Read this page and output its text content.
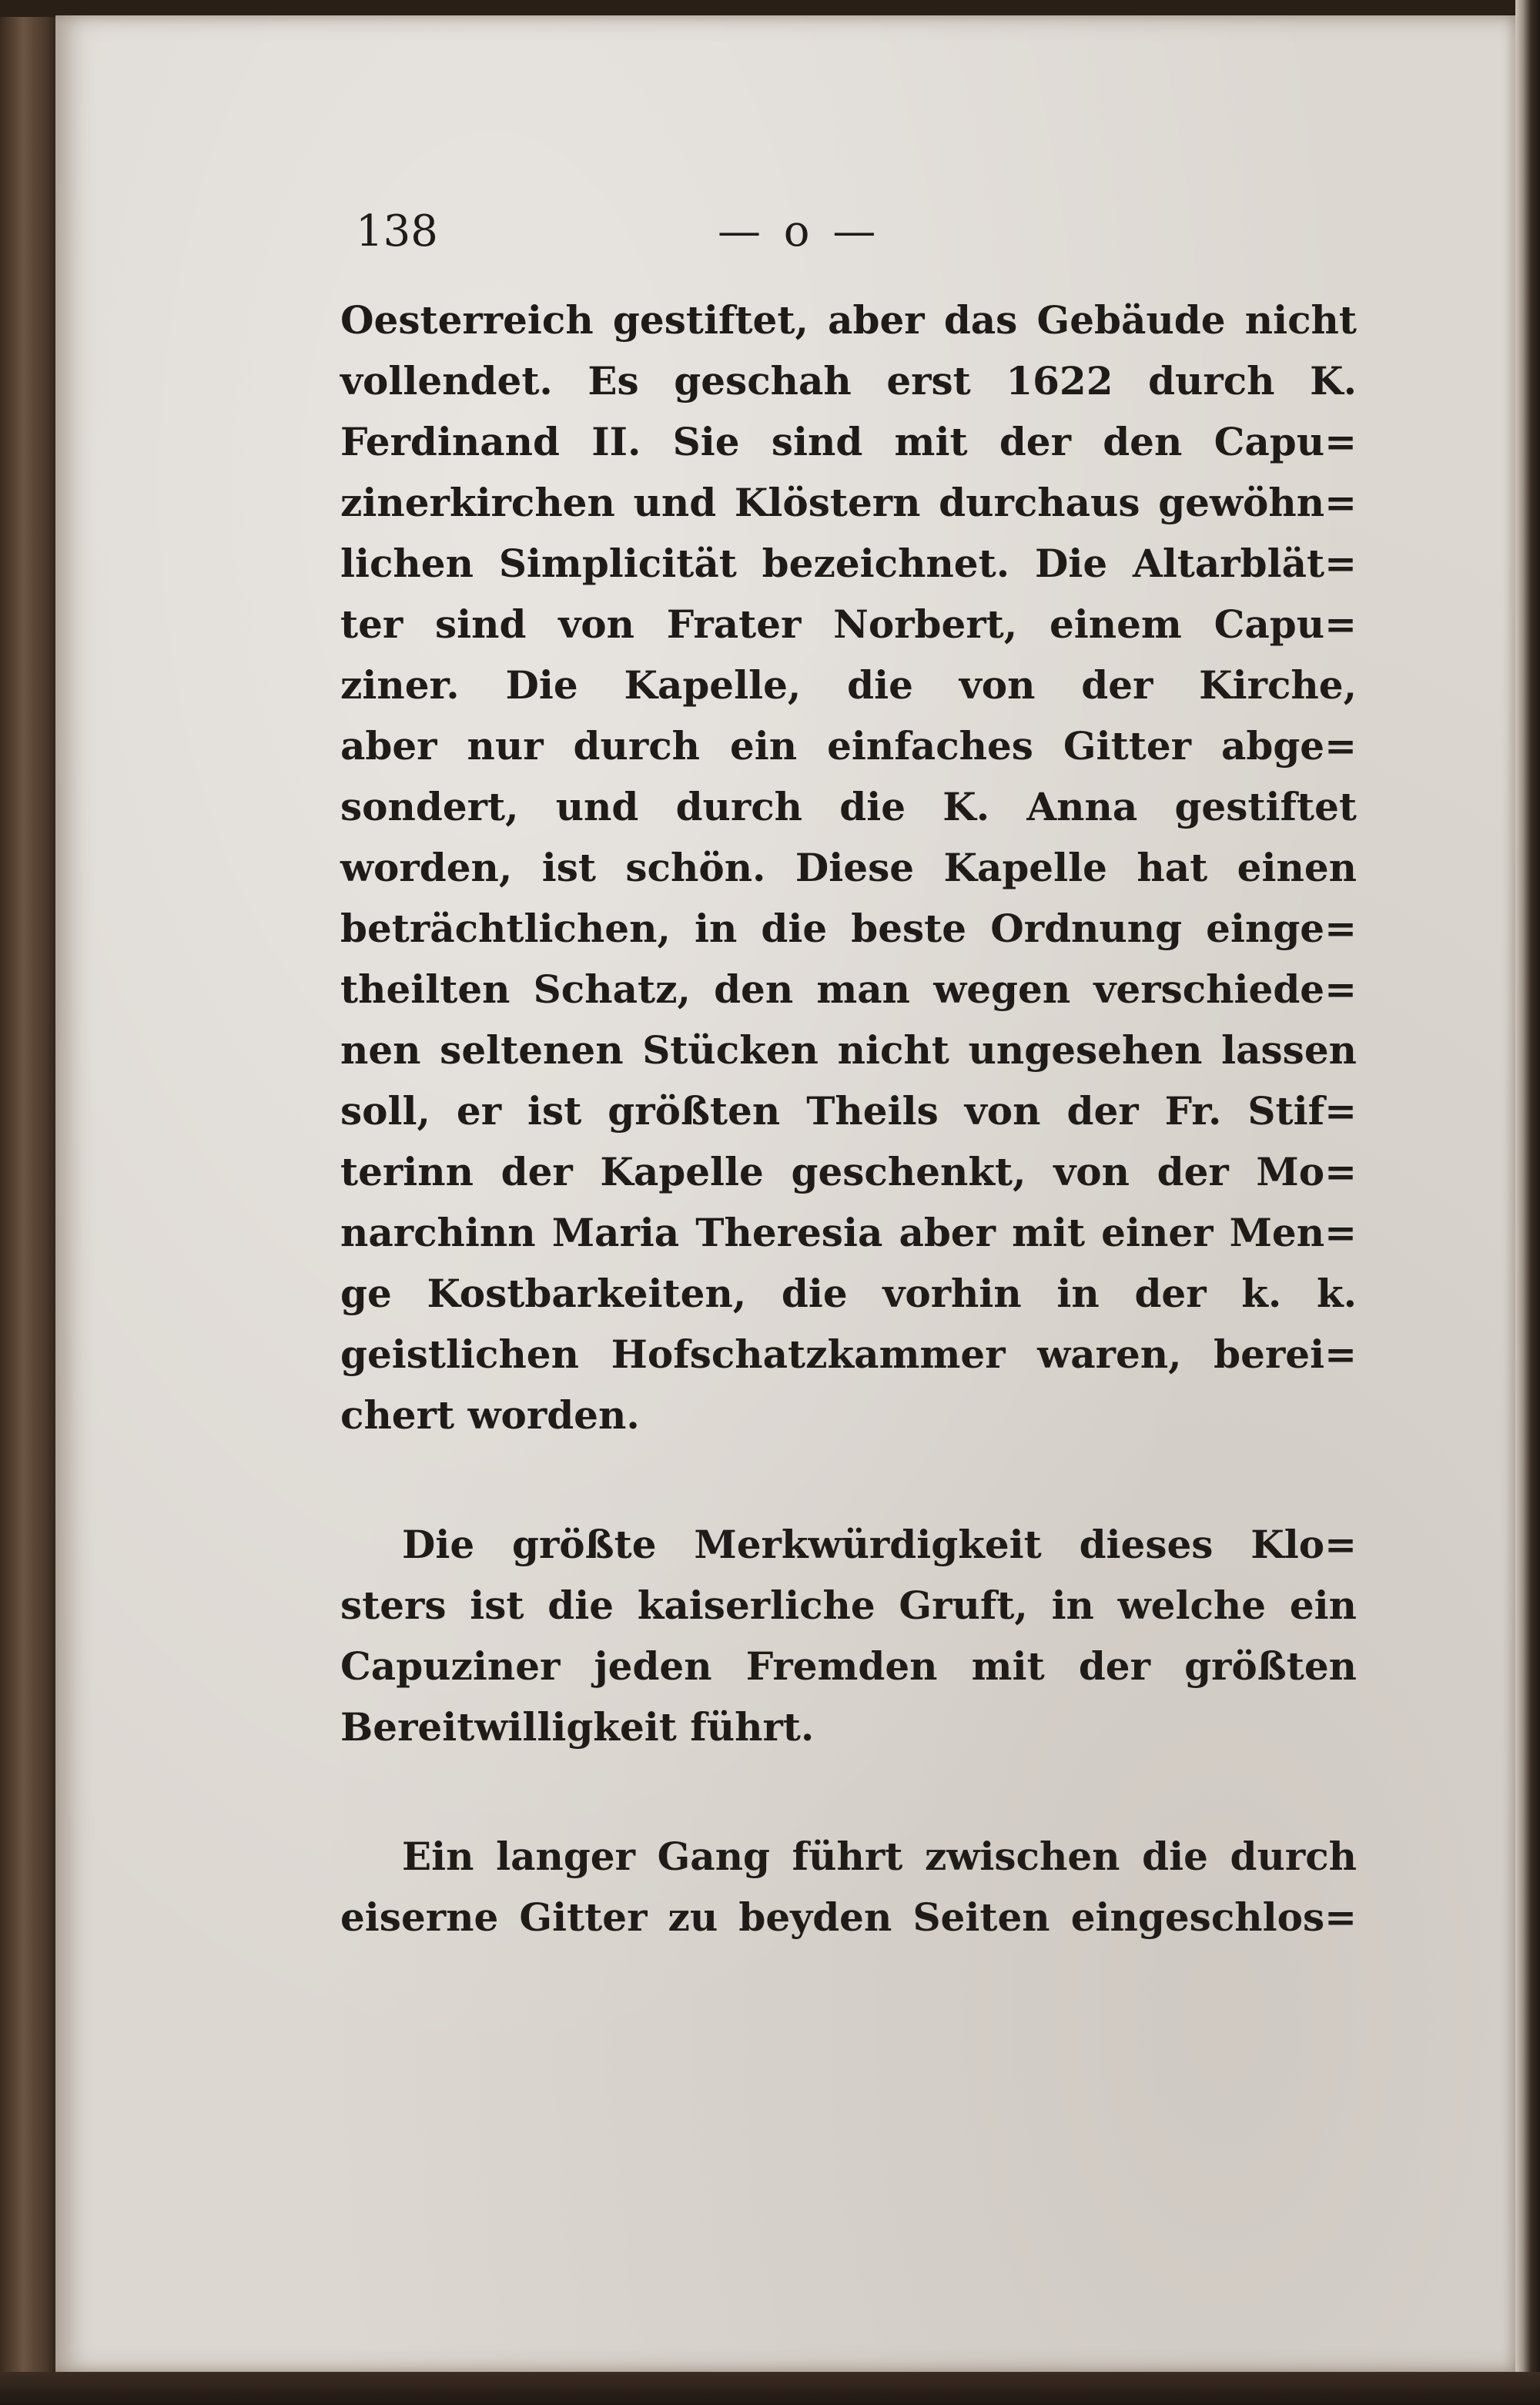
138	— o —
Oesterreich gestiftet, aber das Gebäude nicht
vollendet. Es geschah erst 1622 durch K.
Ferdinand II. Sie sind mit der den Capu=
zinerkirchen und Klöstern durchaus gewöhn=
lichen Simplicität bezeichnet. Die Altarblät=
ter sind von Frater Norbert, einem Capu=
ziner. Die Kapelle, die von der Kirche,
aber nur durch ein einfaches Gitter abge=
sondert, und durch die K. Anna gestiftet
worden, ist schön. Diese Kapelle hat einen
beträchtlichen, in die beste Ordnung einge=
theilten Schatz, den man wegen verschiede=
nen seltenen Stücken nicht ungesehen lassen
soll, er ist größten Theils von der Fr. Stif=
terinn der Kapelle geschenkt, von der Mo=
narchinn Maria Theresia aber mit einer Men=
ge Kostbarkeiten, die vorhin in der k. k.
geistlichen Hofschatzkammer waren, berei=
chert worden.
Die größte Merkwürdigkeit dieses Klo=
sters ist die kaiserliche Gruft, in welche ein
Capuziner jeden Fremden mit der größten
Bereitwilligkeit führt.
Ein langer Gang führt zwischen die durch
eiserne Gitter zu beyden Seiten eingeschlos=
